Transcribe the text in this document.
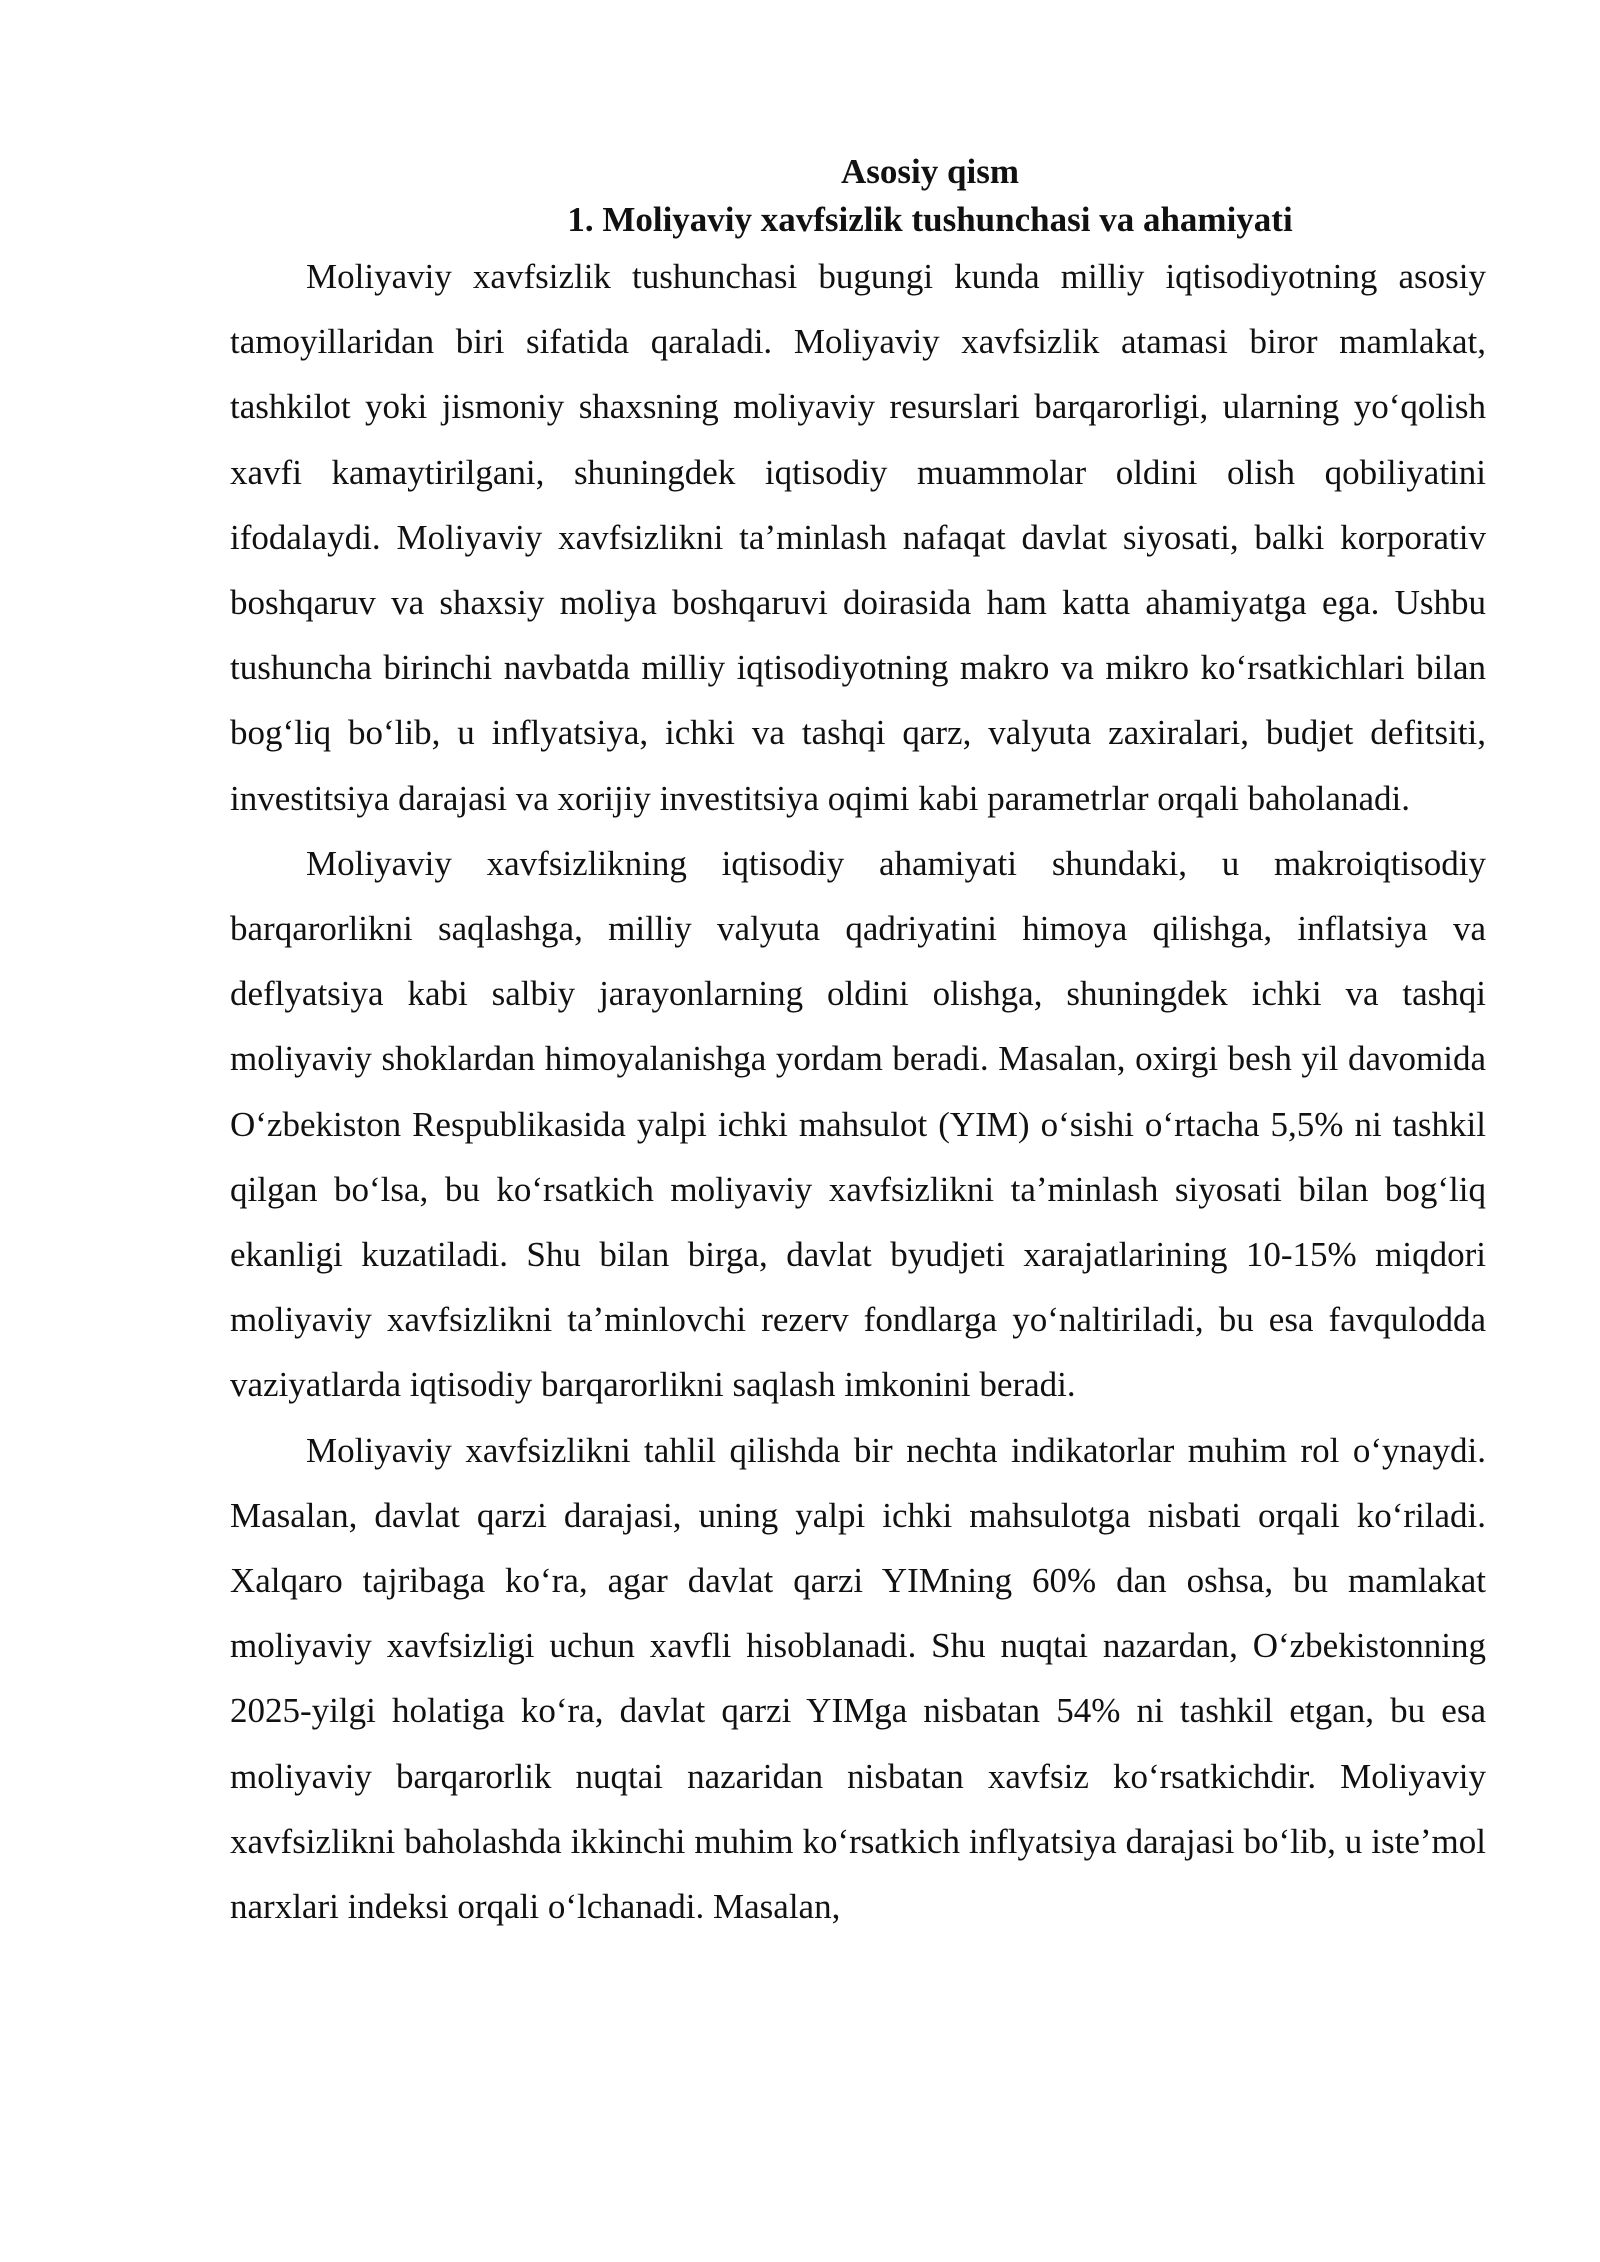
Asosiy qism
1. Moliyaviy xavfsizlik tushunchasi va ahamiyati

Moliyaviy xavfsizlik tushunchasi bugungi kunda milliy iqtisodiyotning asosiy tamoyillaridan biri sifatida qaraladi. Moliyaviy xavfsizlik atamasi biror mamlakat, tashkilot yoki jismoniy shaxsning moliyaviy resurslari barqarorligi, ularning yoʻqolish xavfi kamaytirilgani, shuningdek iqtisodiy muammolar oldini olish qobiliyatini ifodalaydi. Moliyaviy xavfsizlikni taʼminlash nafaqat davlat siyosati, balki korporativ boshqaruv va shaxsiy moliya boshqaruvi doirasida ham katta ahamiyatga ega. Ushbu tushuncha birinchi navbatda milliy iqtisodiyotning makro va mikro koʻrsatkichlari bilan bogʻliq boʻlib, u inflyatsiya, ichki va tashqi qarz, valyuta zaxiralari, budjet defitsiti, investitsiya darajasi va xorijiy investitsiya oqimi kabi parametrlar orqali baholanadi.

Moliyaviy xavfsizlikning iqtisodiy ahamiyati shundaki, u makroiqtisodiy barqarorlikni saqlashga, milliy valyuta qadriyatini himoya qilishga, inflatsiya va deflyatsiya kabi salbiy jarayonlarning oldini olishga, shuningdek ichki va tashqi moliyaviy shoklardan himoyalanishga yordam beradi. Masalan, oxirgi besh yil davomida Oʻzbekiston Respublikasida yalpi ichki mahsulot (YIM) oʻsishi oʻrtacha 5,5% ni tashkil qilgan boʻlsa, bu koʻrsatkich moliyaviy xavfsizlikni taʼminlash siyosati bilan bogʻliq ekanligi kuzatiladi. Shu bilan birga, davlat byudjeti xarajatlarining 10-15% miqdori moliyaviy xavfsizlikni taʼminlovchi rezerv fondlarga yoʻnaltiriladi, bu esa favqulodda vaziyatlarda iqtisodiy barqarorlikni saqlash imkonini beradi.

Moliyaviy xavfsizlikni tahlil qilishda bir nechta indikatorlar muhim rol oʻynaydi. Masalan, davlat qarzi darajasi, uning yalpi ichki mahsulotga nisbati orqali koʻriladi. Xalqaro tajribaga koʻra, agar davlat qarzi YIMning 60% dan oshsa, bu mamlakat moliyaviy xavfsizligi uchun xavfli hisoblanadi. Shu nuqtai nazardan, Oʻzbekistonning 2025-yilgi holatiga koʻra, davlat qarzi YIMga nisbatan 54% ni tashkil etgan, bu esa moliyaviy barqarorlik nuqtai nazaridan nisbatan xavfsiz koʻrsatkichdir. Moliyaviy xavfsizlikni baholashda ikkinchi muhim koʻrsatkich inflyatsiya darajasi boʻlib, u isteʼmol narxlari indeksi orqali oʻlchanadi. Masalan,
